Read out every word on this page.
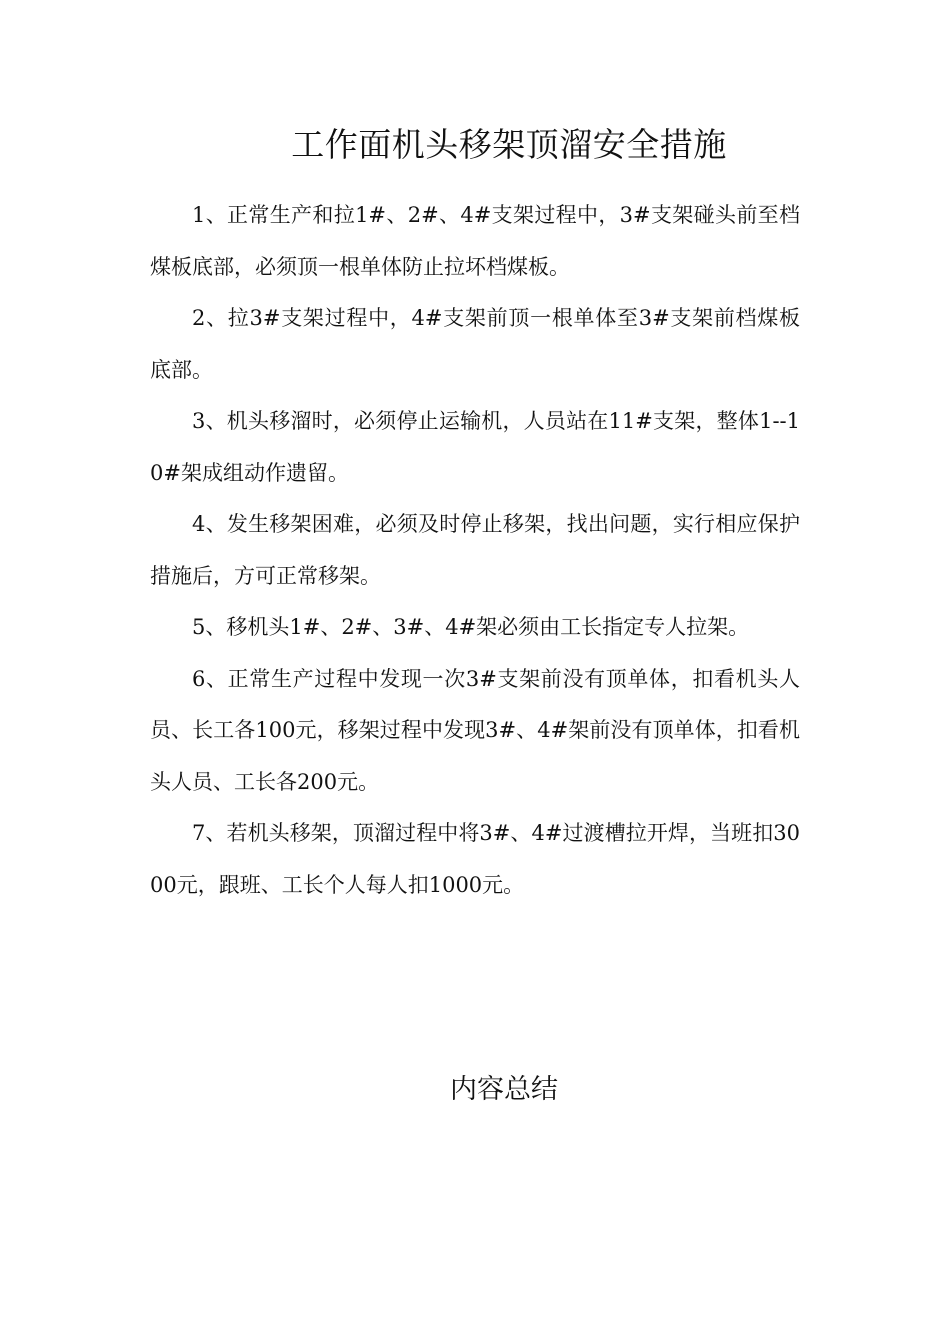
工作面机头移架顶溜安全措施

1、正常生产和拉1#、2#、4#支架过程中，3#支架碰头前至档煤板底部，必须顶一根单体防止拉坏档煤板。

2、拉3#支架过程中，4#支架前顶一根单体至3#支架前档煤板底部。

3、机头移溜时，必须停止运输机，人员站在11#支架，整体1--10#架成组动作遗留。

4、发生移架困难，必须及时停止移架，找出问题，实行相应保护措施后，方可正常移架。

5、移机头1#、2#、3#、4#架必须由工长指定专人拉架。

6、正常生产过程中发现一次3#支架前没有顶单体，扣看机头人员、长工各100元，移架过程中发现3#、4#架前没有顶单体，扣看机头人员、工长各200元。

7、若机头移架，顶溜过程中将3#、4#过渡槽拉开焊，当班扣3000元，跟班、工长个人每人扣1000元。

内容总结
